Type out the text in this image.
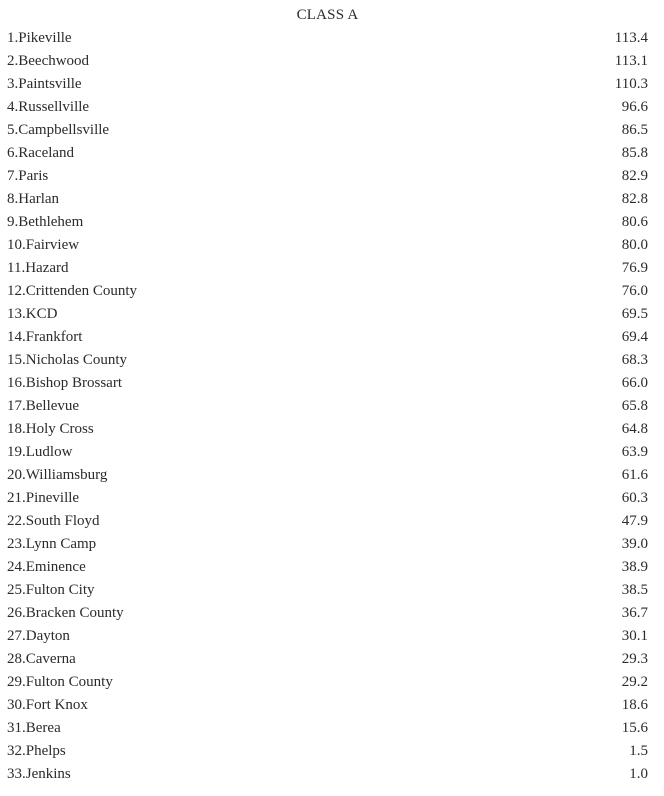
CLASS A
1.Pikeville	113.4
2.Beechwood	113.1
3.Paintsville	110.3
4.Russellville	96.6
5.Campbellsville	86.5
6.Raceland	85.8
7.Paris	82.9
8.Harlan	82.8
9.Bethlehem	80.6
10.Fairview	80.0
11.Hazard	76.9
12.Crittenden County	76.0
13.KCD	69.5
14.Frankfort	69.4
15.Nicholas County	68.3
16.Bishop Brossart	66.0
17.Bellevue	65.8
18.Holy Cross	64.8
19.Ludlow	63.9
20.Williamsburg	61.6
21.Pineville	60.3
22.South Floyd	47.9
23.Lynn Camp	39.0
24.Eminence	38.9
25.Fulton City	38.5
26.Bracken County	36.7
27.Dayton	30.1
28.Caverna	29.3
29.Fulton County	29.2
30.Fort Knox	18.6
31.Berea	15.6
32.Phelps	1.5
33.Jenkins	1.0
